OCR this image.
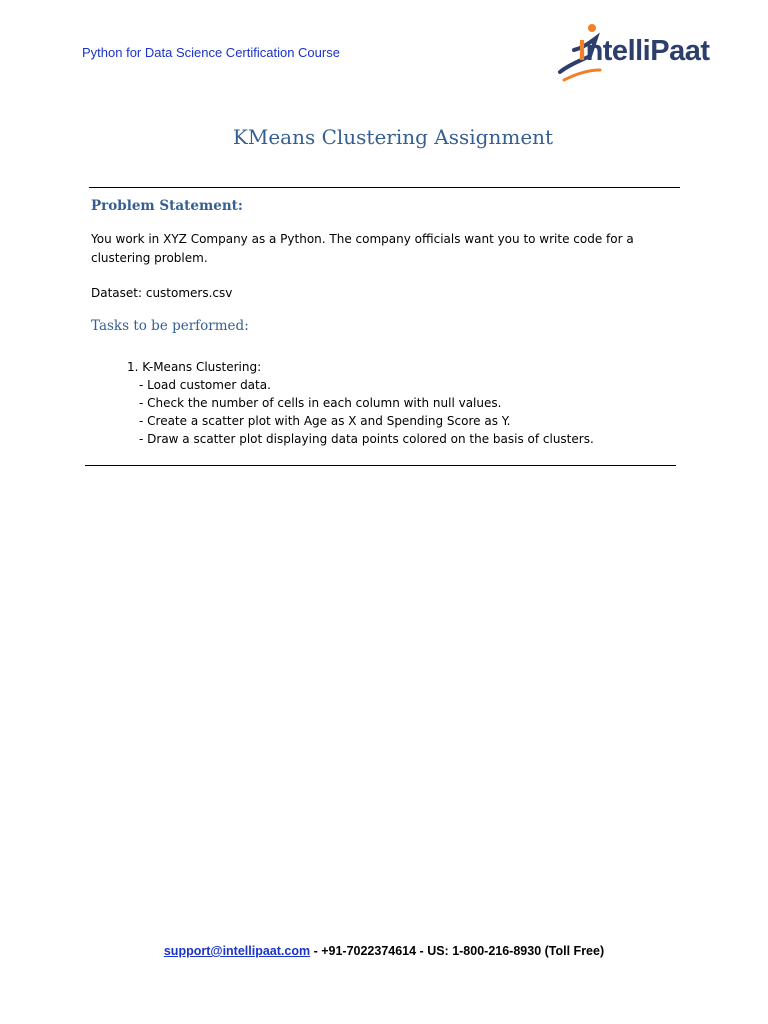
Python for Data Science Certification Course	IntelliPaat
KMeans Clustering Assignment
Problem Statement:
You work in XYZ Company as a Python. The company officials want you to write code for a clustering problem.
Dataset: customers.csv
Tasks to be performed:
1. K-Means Clustering:
- Load customer data.
- Check the number of cells in each column with null values.
- Create a scatter plot with Age as X and Spending Score as Y.
- Draw a scatter plot displaying data points colored on the basis of clusters.
support@intellipaat.com - +91-7022374614 - US: 1-800-216-8930 (Toll Free)
